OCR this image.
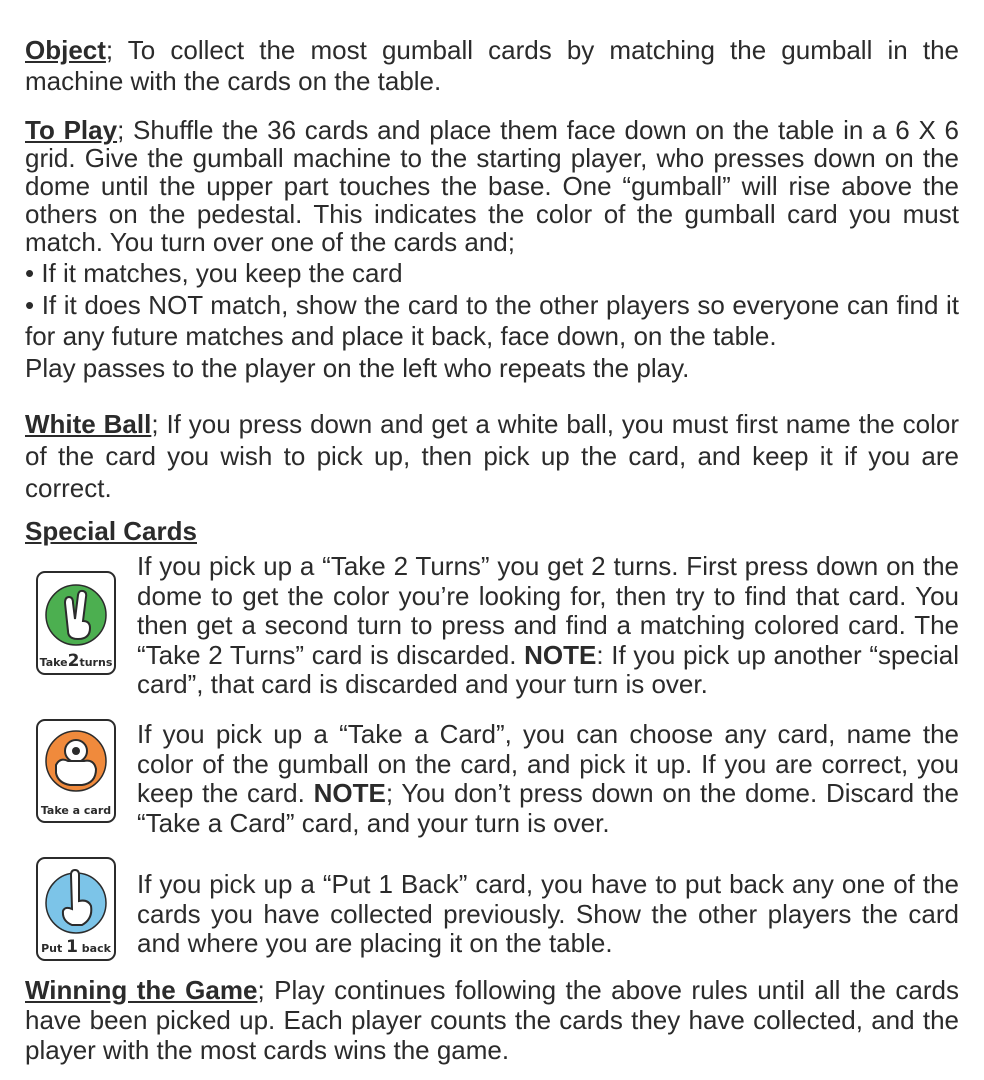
Object; To collect the most gumball cards by matching the gumball in the machine with the cards on the table.

To Play; Shuffle the 36 cards and place them face down on the table in a 6 X 6 grid. Give the gumball machine to the starting player, who presses down on the dome until the upper part touches the base. One “gumball” will rise above the others on the pedestal. This indicates the color of the gumball card you must match. You turn over one of the cards and;
• If it matches, you keep the card
• If it does NOT match, show the card to the other players so everyone can find it for any future matches and place it back, face down, on the table.
Play passes to the player on the left who repeats the play.

White Ball; If you press down and get a white ball, you must first name the color of the card you wish to pick up, then pick up the card, and keep it if you are correct.

Special Cards

Take2turns

If you pick up a “Take 2 Turns” you get 2 turns. First press down on the dome to get the color you’re looking for, then try to find that card. You then get a second turn to press and find a matching colored card. The “Take 2 Turns” card is discarded. NOTE: If you pick up another “special card”, that card is discarded and your turn is over.

Take a card

If you pick up a “Take a Card”, you can choose any card, name the color of the gumball on the card, and pick it up. If you are correct, you keep the card. NOTE; You don’t press down on the dome. Discard the “Take a Card” card, and your turn is over.

Put 1 back

If you pick up a “Put 1 Back” card, you have to put back any one of the cards you have collected previously. Show the other players the card and where you are placing it on the table.

Winning the Game; Play continues following the above rules until all the cards have been picked up. Each player counts the cards they have collected, and the player with the most cards wins the game.
